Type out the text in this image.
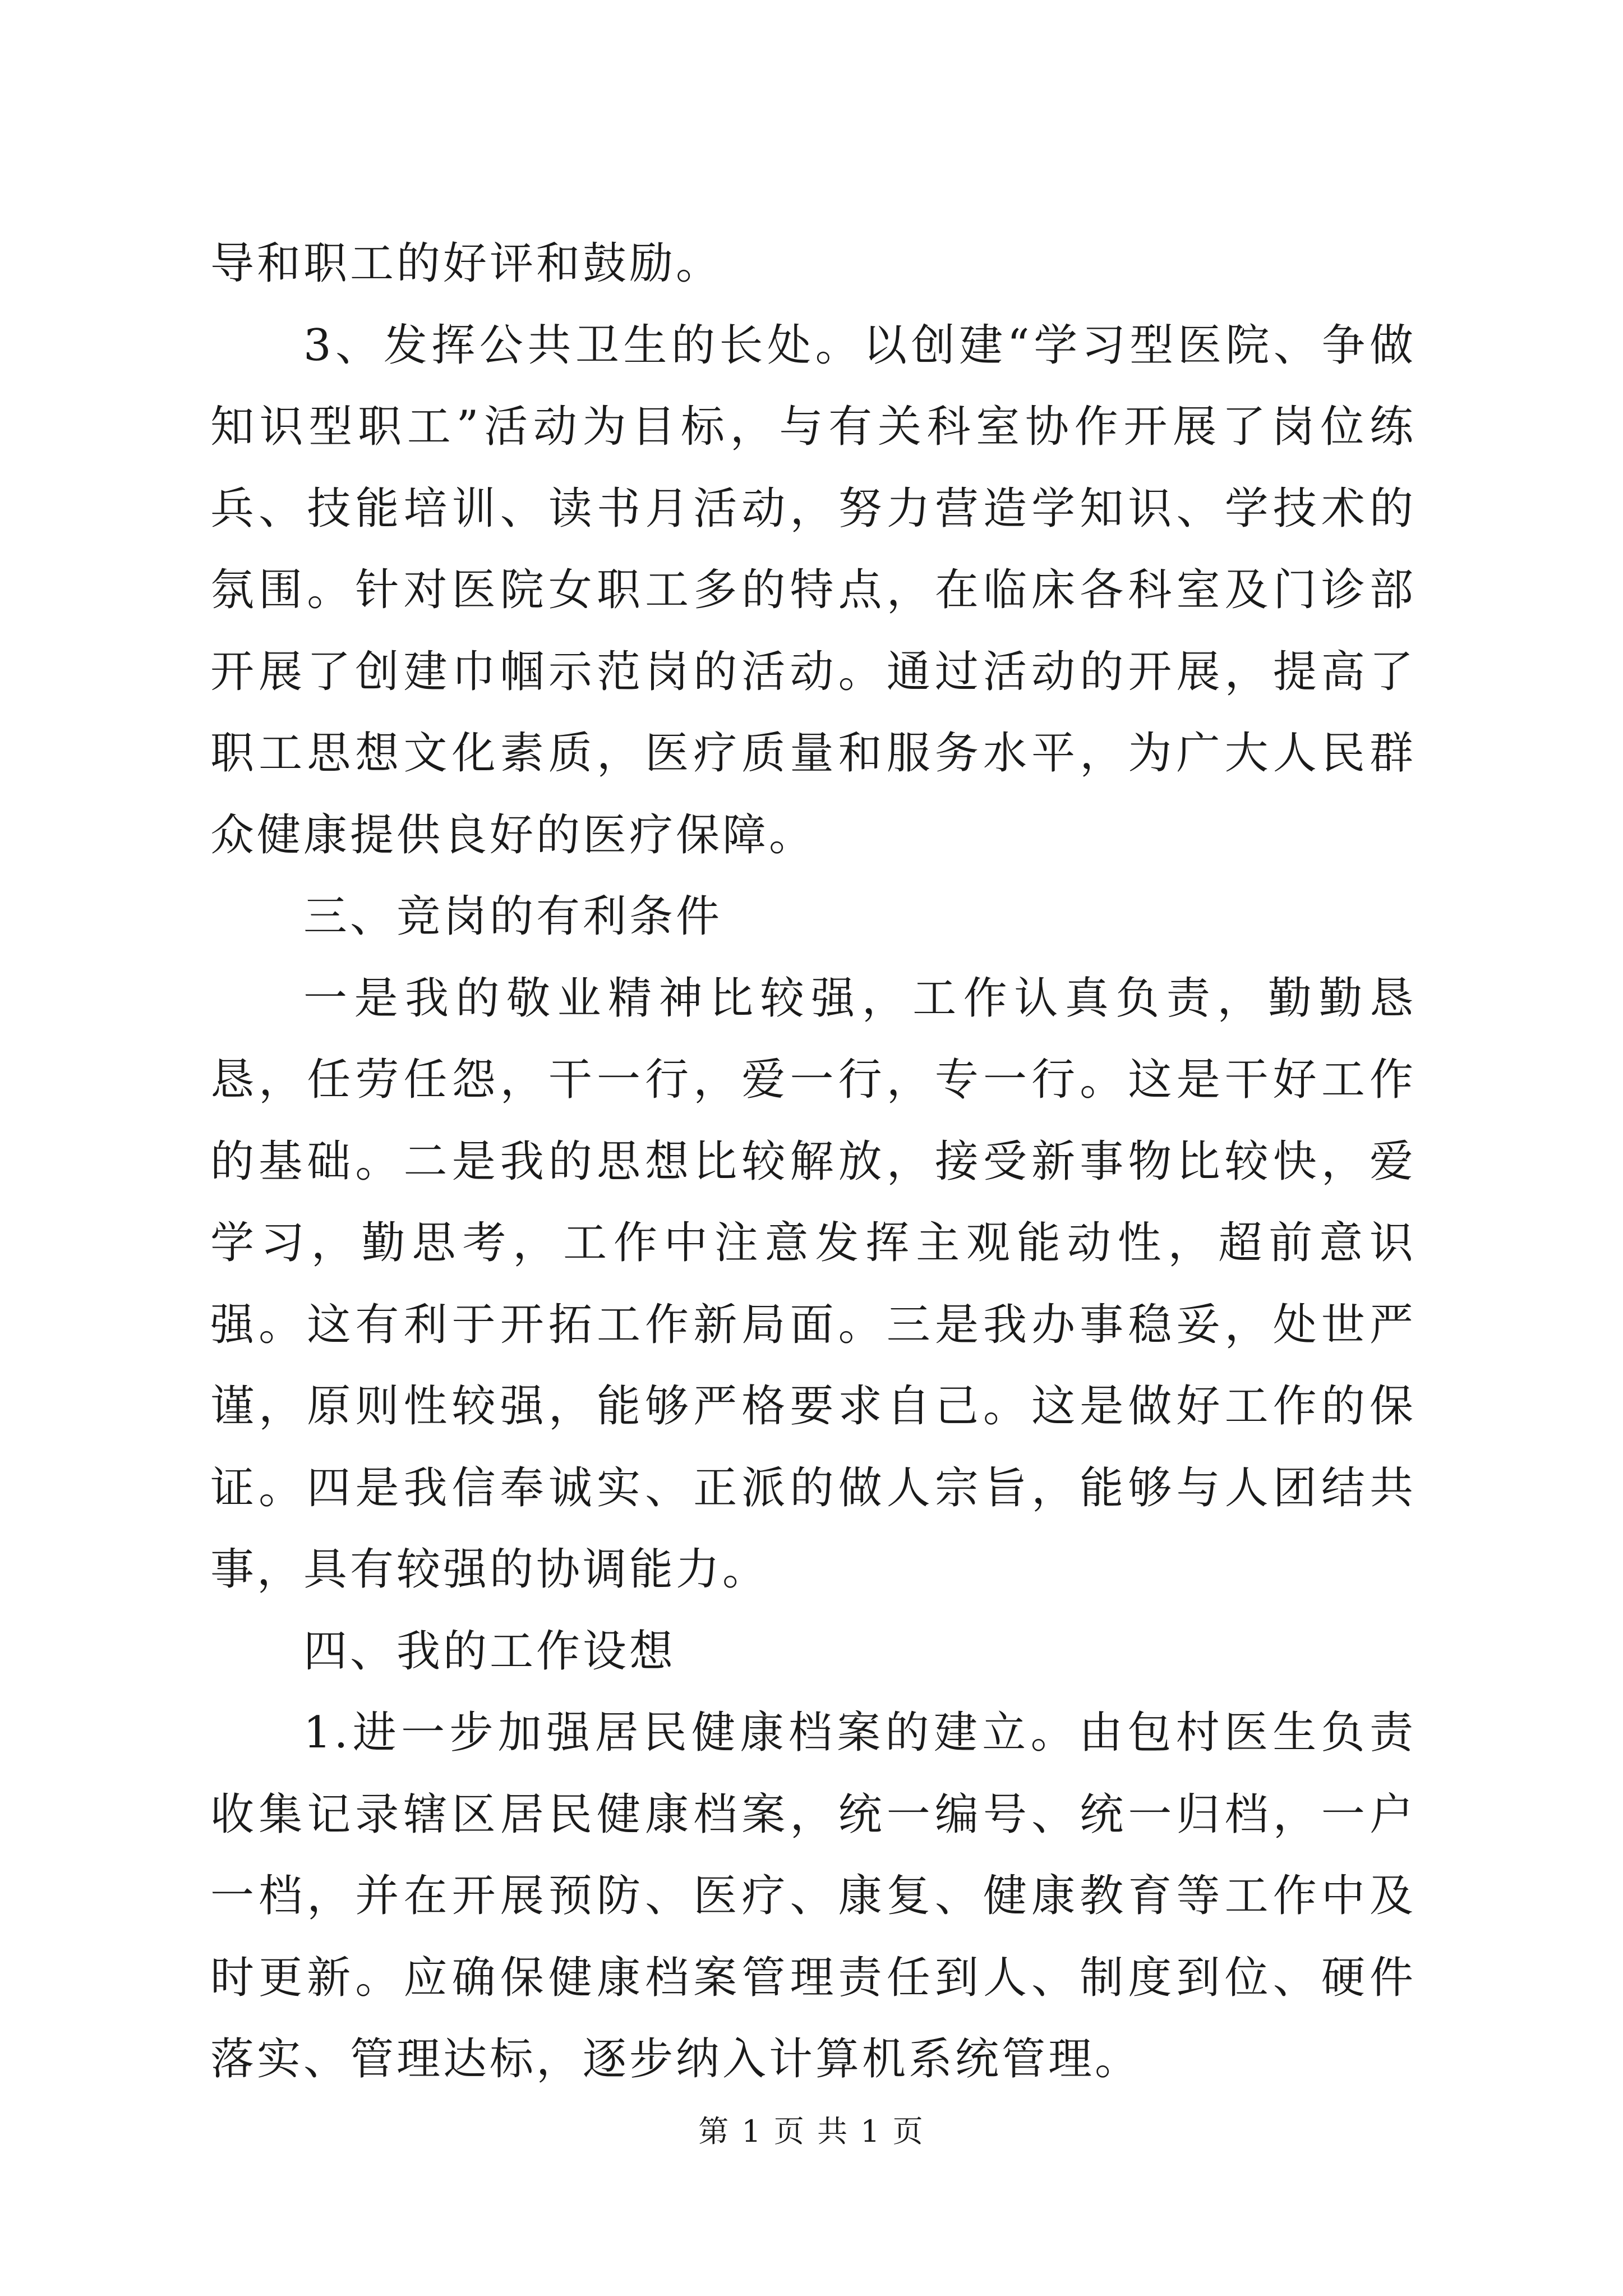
导和职工的好评和鼓励。

3、发挥公共卫生的长处。以创建“学习型医院、争做知识型职工”活动为目标，与有关科室协作开展了岗位练兵、技能培训、读书月活动，努力营造学知识、学技术的氛围。针对医院女职工多的特点，在临床各科室及门诊部开展了创建巾帼示范岗的活动。通过活动的开展，提高了职工思想文化素质，医疗质量和服务水平，为广大人民群众健康提供良好的医疗保障。

三、竞岗的有利条件

一是我的敬业精神比较强，工作认真负责，勤勤恳恳，任劳任怨，干一行，爱一行，专一行。这是干好工作的基础。二是我的思想比较解放，接受新事物比较快，爱学习，勤思考，工作中注意发挥主观能动性，超前意识强。这有利于开拓工作新局面。三是我办事稳妥，处世严谨，原则性较强，能够严格要求自己。这是做好工作的保证。四是我信奉诚实、正派的做人宗旨，能够与人团结共事，具有较强的协调能力。

四、我的工作设想

1.进一步加强居民健康档案的建立。由包村医生负责收集记录辖区居民健康档案，统一编号、统一归档，一户一档，并在开展预防、医疗、康复、健康教育等工作中及时更新。应确保健康档案管理责任到人、制度到位、硬件落实、管理达标，逐步纳入计算机系统管理。

第 1 页 共 1 页
